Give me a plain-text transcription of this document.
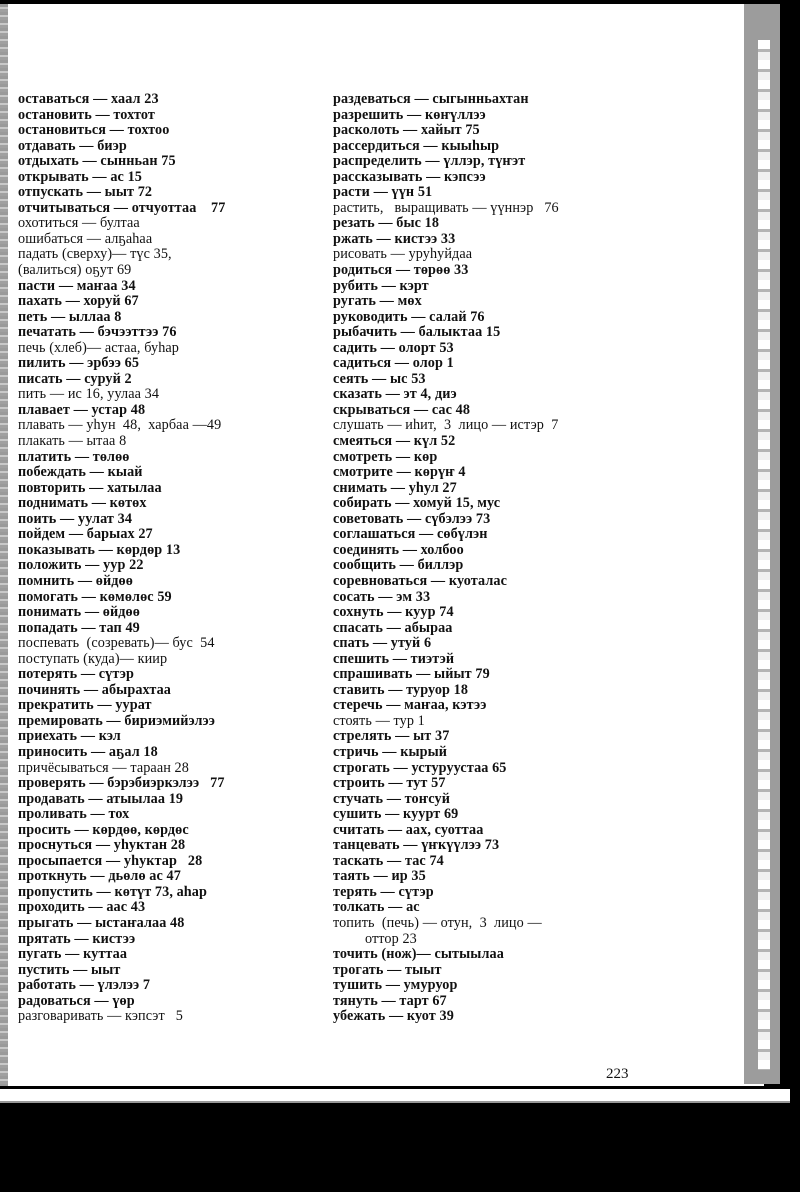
оставаться — хаал 23
остановить — тохтот
остановиться — тохтоо
отдавать — биэр
отдыхать — сынньан 75
открывать — ас 15
отпускать — ыыт 72
отчитываться — отчуоттаа    77
охотиться — бултаа
ошибаться — алҕаһаа
падать (сверху)— түс 35,
(валиться) оҕут 69
пасти — маҥаа 34
пахать — хоруй 67
петь — ыллаа 8
печатать — бэчээттээ 76
печь (хлеб)— астаа, буһар
пилить — эрбээ 65
писать — суруй 2
пить — ис 16, уулаа 34
плавает — устар 48
плавать — уһун  48,  харбаа —49
плакать — ытаа 8
платить — төлөө
побеждать — кыай
повторить — хатылаа
поднимать — көтөх
поить — уулат 34
пойдем — барыах 27
показывать — көрдөр 13
положить — уур 22
помнить — өйдөө
помогать — көмөлөс 59
понимать — өйдөө
попадать — тап 49
поспевать  (созревать)— бус  54
поступать (куда)— киир
потерять — сүтэр
починять — абырахтаа
прекратить — уурат
премировать — бириэмийэлээ
приехать — кэл
приносить — аҕал 18
причёсываться — тараан 28
проверять — бэрэбиэркэлээ   77
продавать — атыылаа 19
проливать — тох
просить — көрдөө, көрдөс
проснуться — уһуктан 28
просыпается — уһуктар   28
проткнуть — дьөлө ас 47
пропустить — көтүт 73, аһар
проходить — аас 43
прыгать — ыстаҥалаа 48
прятать — кистээ
пугать — куттаа
пустить — ыыт
работать — үлэлээ 7
радоваться — үөр
разговаривать — кэпсэт   5
раздеваться — сыгынньахтан
разрешить — көҥүллээ
расколоть — хайыт 75
рассердиться — кыыһыр
распределить — үллэр, түҥэт
рассказывать — кэпсээ
расти — үүн 51
растить,   выращивать — үүннэр   76
резать — быс 18
ржать — кистээ 33
рисовать — уруһуйдаа
родиться — төрөө 33
рубить — кэрт
ругать — мөх
руководить — салай 76
рыбачить — балыктаа 15
садить — олорт 53
садиться — олор 1
сеять — ыс 53
сказать — эт 4, диэ
скрываться — сас 48
слушать — иһит,  3  лицо — истэр  7
смеяться — күл 52
смотреть — көр
смотрите — көрүҥ 4
снимать — уһул 27
собирать — хомуй 15, мус
советовать — сүбэлээ 73
соглашаться — сөбүлэн
соединять — холбоо
сообщить — биллэр
соревноваться — куоталас
сосать — эм 33
сохнуть — куур 74
спасать — абыраа
спать — утуй 6
спешить — тиэтэй
спрашивать — ыйыт 79
ставить — туруор 18
стеречь — маҥаа, кэтээ
стоять — тур 1
стрелять — ыт 37
стричь — кырый
строгать — устуруустаа 65
строить — тут 57
стучать — тоҥсуй
сушить — куурт 69
считать — аах, суоттаа
танцевать — үҥкүүлээ 73
таскать — тас 74
таять — ир 35
терять — сүтэр
толкать — ас
топить  (печь) — отун,  3  лицо —
оттор 23
точить (нож)— сытыылаа
трогать — тыыт
тушить — умуруор
тянуть — тарт 67
убежать — куот 39
223
